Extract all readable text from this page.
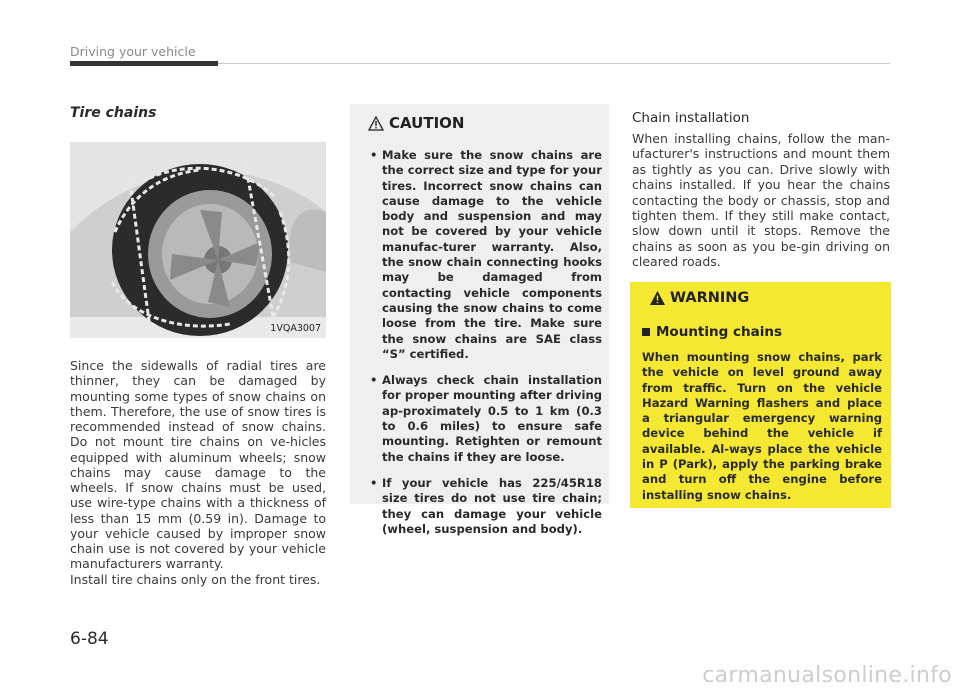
Driving your vehicle
Tire chains
1VQA3007

Since the sidewalls of radial tires are thinner, they can be damaged by mounting some types of snow chains on them. Therefore, the use of snow tires is recommended instead of snow chains. Do not mount tire chains on ve-hicles equipped with aluminum wheels; snow chains may cause damage to the wheels. If snow chains must be used, use wire-type chains with a thickness of less than 15 mm (0.59 in). Damage to your vehicle caused by improper snow chain use is not covered by your vehicle manufacturers warranty.

Install tire chains only on the front tires.

CAUTION
• Make sure the snow chains are the correct size and type for your tires. Incorrect snow chains can cause damage to the vehicle body and suspension and may not be covered by your vehicle manufac-turer warranty. Also, the snow chain connecting hooks may be damaged from contacting vehicle components causing the snow chains to come loose from the tire. Make sure the snow chains are SAE class “S” certified.
• Always check chain installation for proper mounting after driving ap-proximately 0.5 to 1 km (0.3 to 0.6 miles) to ensure safe mounting. Retighten or remount the chains if they are loose.
• If your vehicle has 225/45R18 size tires do not use tire chain; they can damage your vehicle (wheel, suspension and body).
Chain installation

When installing chains, follow the man-ufacturer's instructions and mount them as tightly as you can. Drive slowly with chains installed. If you hear the chains contacting the body or chassis, stop and tighten them. If they still make contact, slow down until it stops. Remove the chains as soon as you be-gin driving on cleared roads.

WARNING
Mounting chains

When mounting snow chains, park the vehicle on level ground away from traffic. Turn on the vehicle Hazard Warning flashers and place a triangular emergency warning device behind the vehicle if available. Al-ways place the vehicle in P (Park), apply the parking brake and turn off the engine before installing snow chains.

6-84
carmanualsonline.info
